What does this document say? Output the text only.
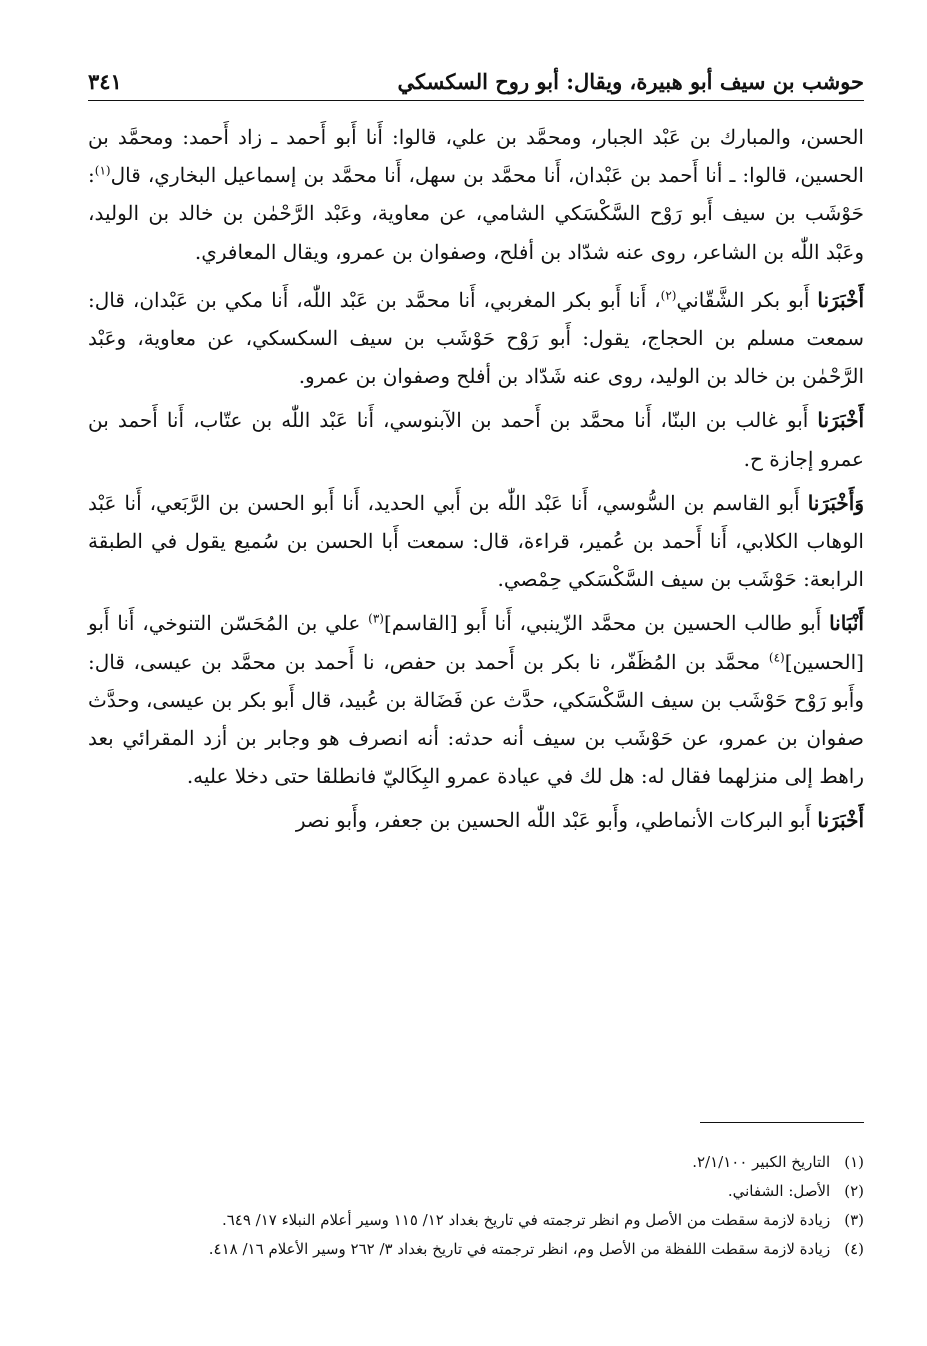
حوشب بن سيف أبو هبيرة، ويقال: أبو روح السكسكي
٣٤١

الحسن، والمبارك بن عَبْد الجبار، ومحمَّد بن علي، قالوا: أَنا أَبو أَحمد ـ زاد أَحمد: ومحمَّد بن الحسين، قالوا: ـ أنا أَحمد بن عَبْدان، أَنا محمَّد بن سهل، أَنا محمَّد بن إسماعيل البخاري، قال$^{(١)}$: حَوْشَب بن سيف أَبو رَوْح السَّكْسَكي الشامي، عن معاوية، وعَبْد الرَّحْمٰن بن خالد بن الوليد، وعَبْد اللّٰه بن الشاعر، روى عنه شدّاد بن أفلح، وصفوان بن عمرو، ويقال المعافري.

أَخْبَرَنا أَبو بكر الشَّقّاني$^{(٢)}$، أَنا أَبو بكر المغربي، أَنا محمَّد بن عَبْد اللّٰه، أَنا مكي بن عَبْدان، قال: سمعت مسلم بن الحجاج، يقول: أَبو رَوْح حَوْشَب بن سيف السكسكي، عن معاوية، وعَبْد الرَّحْمٰن بن خالد بن الوليد، روى عنه شَدّاد بن أفلح وصفوان بن عمرو.

أَخْبَرَنا أَبو غالب بن البنّا، أَنا محمَّد بن أَحمد بن الآبنوسي، أَنا عَبْد اللّٰه بن عتّاب، أَنا أَحمد بن عمرو إجازة ح.

وَأَخْبَرَنا أَبو القاسم بن السُّوسي، أَنا عَبْد اللّٰه بن أَبي الحديد، أَنا أَبو الحسن بن الرَّبَعي، أَنا عَبْد الوهاب الكلابي، أَنا أَحمد بن عُمير، قراءة، قال: سمعت أَبا الحسن بن سُميع يقول في الطبقة الرابعة: حَوْشَب بن سيف السَّكْسَكي حِمْصي.

أَنْبَانا أَبو طالب الحسين بن محمَّد الزّينبي، أَنا أَبو [القاسم]$^{(٣)}$ علي بن المُحَسّن التنوخي، أَنا أَبو [الحسين]$^{(٤)}$ محمَّد بن المُظَفّر، نا بكر بن أَحمد بن حفص، نا أَحمد بن محمَّد بن عيسى، قال: وأَبو رَوْح حَوْشَب بن سيف السَّكْسَكي، حدَّث عن فَضَالة بن عُبيد، قال أَبو بكر بن عيسى، وحدَّث صفوان بن عمرو، عن حَوْشَب بن سيف أنه حدثه: أنه انصرف هو وجابر بن أزد المقرائي بعد راهط إلى منزلهما فقال له: هل لك في عيادة عمرو البِكَاليّ فانطلقا حتى دخلا عليه.

أَخْبَرَنا أَبو البركات الأنماطي، وأَبو عَبْد اللّٰه الحسين بن جعفر، وأَبو نصر

(١)التاريخ الكبير ٢/١/١٠٠.
(٢)الأصل: الشفاني.
(٣)زيادة لازمة سقطت من الأصل وم انظر ترجمته في تاريخ بغداد ١٢/ ١١٥ وسير أعلام النبلاء ١٧/ ٦٤٩.
(٤)زيادة لازمة سقطت اللفظة من الأصل وم، انظر ترجمته في تاريخ بغداد ٣/ ٢٦٢ وسير الأعلام ١٦/ ٤١٨.
